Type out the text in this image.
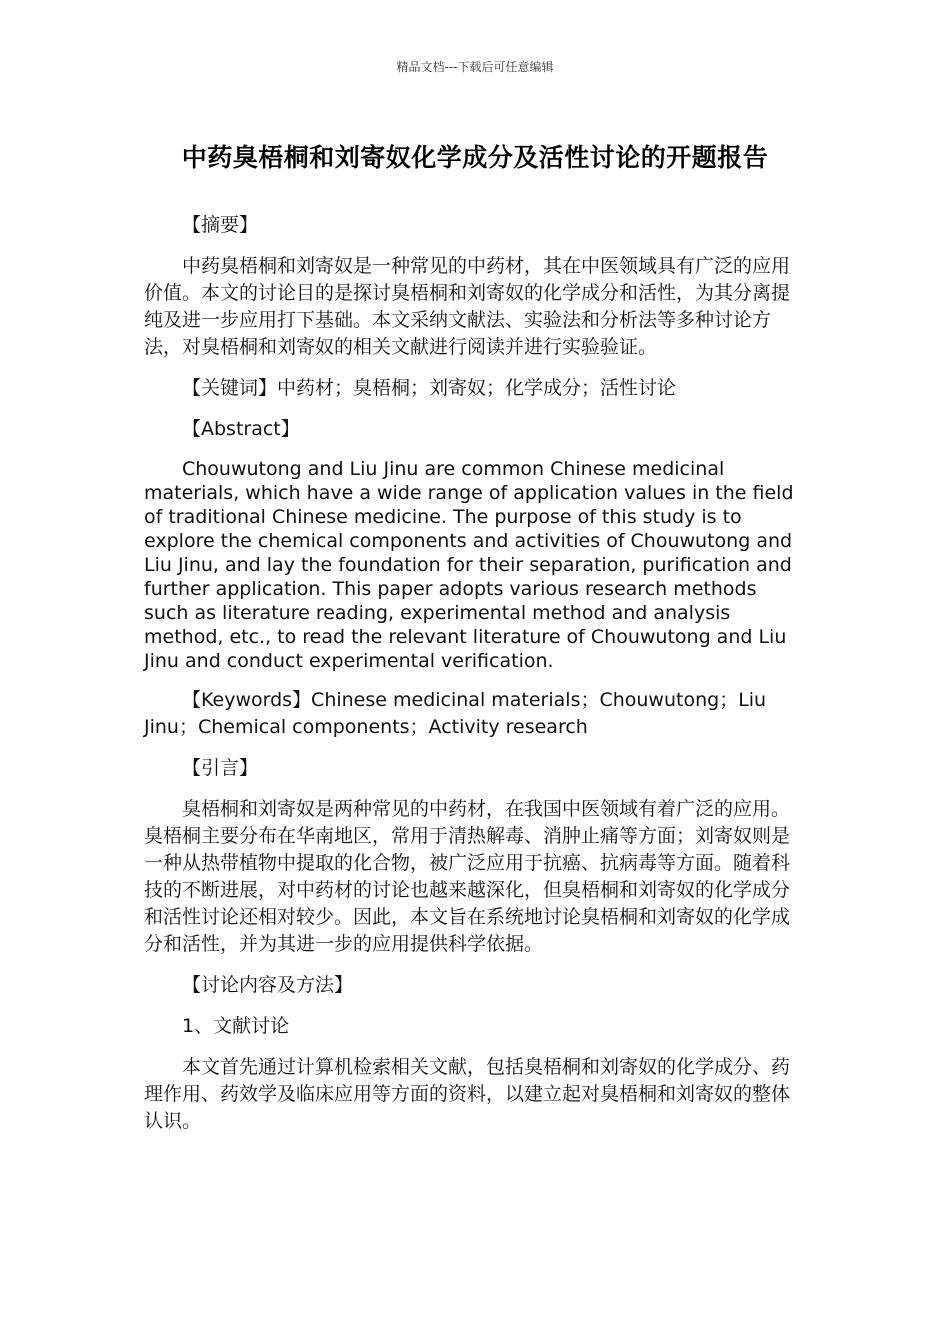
精品文档---下载后可任意编辑
中药臭梧桐和刘寄奴化学成分及活性讨论的开题报告

【摘要】

中药臭梧桐和刘寄奴是一种常见的中药材，其在中医领域具有广泛的应用价值。本文的讨论目的是探讨臭梧桐和刘寄奴的化学成分和活性，为其分离提纯及进一步应用打下基础。本文采纳文献法、实验法和分析法等多种讨论方法，对臭梧桐和刘寄奴的相关文献进行阅读并进行实验验证。

【关键词】中药材；臭梧桐；刘寄奴；化学成分；活性讨论

【Abstract】

Chouwutong and Liu Jinu are common Chinese medicinal materials, which have a wide range of application values in the field of traditional Chinese medicine. The purpose of this study is to explore the chemical components and activities of Chouwutong and Liu Jinu, and lay the foundation for their separation, purification and further application. This paper adopts various research methods such as literature reading, experimental method and analysis method, etc., to read the relevant literature of Chouwutong and Liu Jinu and conduct experimental verification.

【Keywords】Chinese medicinal materials；Chouwutong；Liu Jinu；Chemical components；Activity research

【引言】

臭梧桐和刘寄奴是两种常见的中药材，在我国中医领域有着广泛的应用。臭梧桐主要分布在华南地区，常用于清热解毒、消肿止痛等方面；刘寄奴则是一种从热带植物中提取的化合物，被广泛应用于抗癌、抗病毒等方面。随着科技的不断进展，对中药材的讨论也越来越深化，但臭梧桐和刘寄奴的化学成分和活性讨论还相对较少。因此，本文旨在系统地讨论臭梧桐和刘寄奴的化学成分和活性，并为其进一步的应用提供科学依据。

【讨论内容及方法】

1、文献讨论

本文首先通过计算机检索相关文献，包括臭梧桐和刘寄奴的化学成分、药理作用、药效学及临床应用等方面的资料，以建立起对臭梧桐和刘寄奴的整体认识。
